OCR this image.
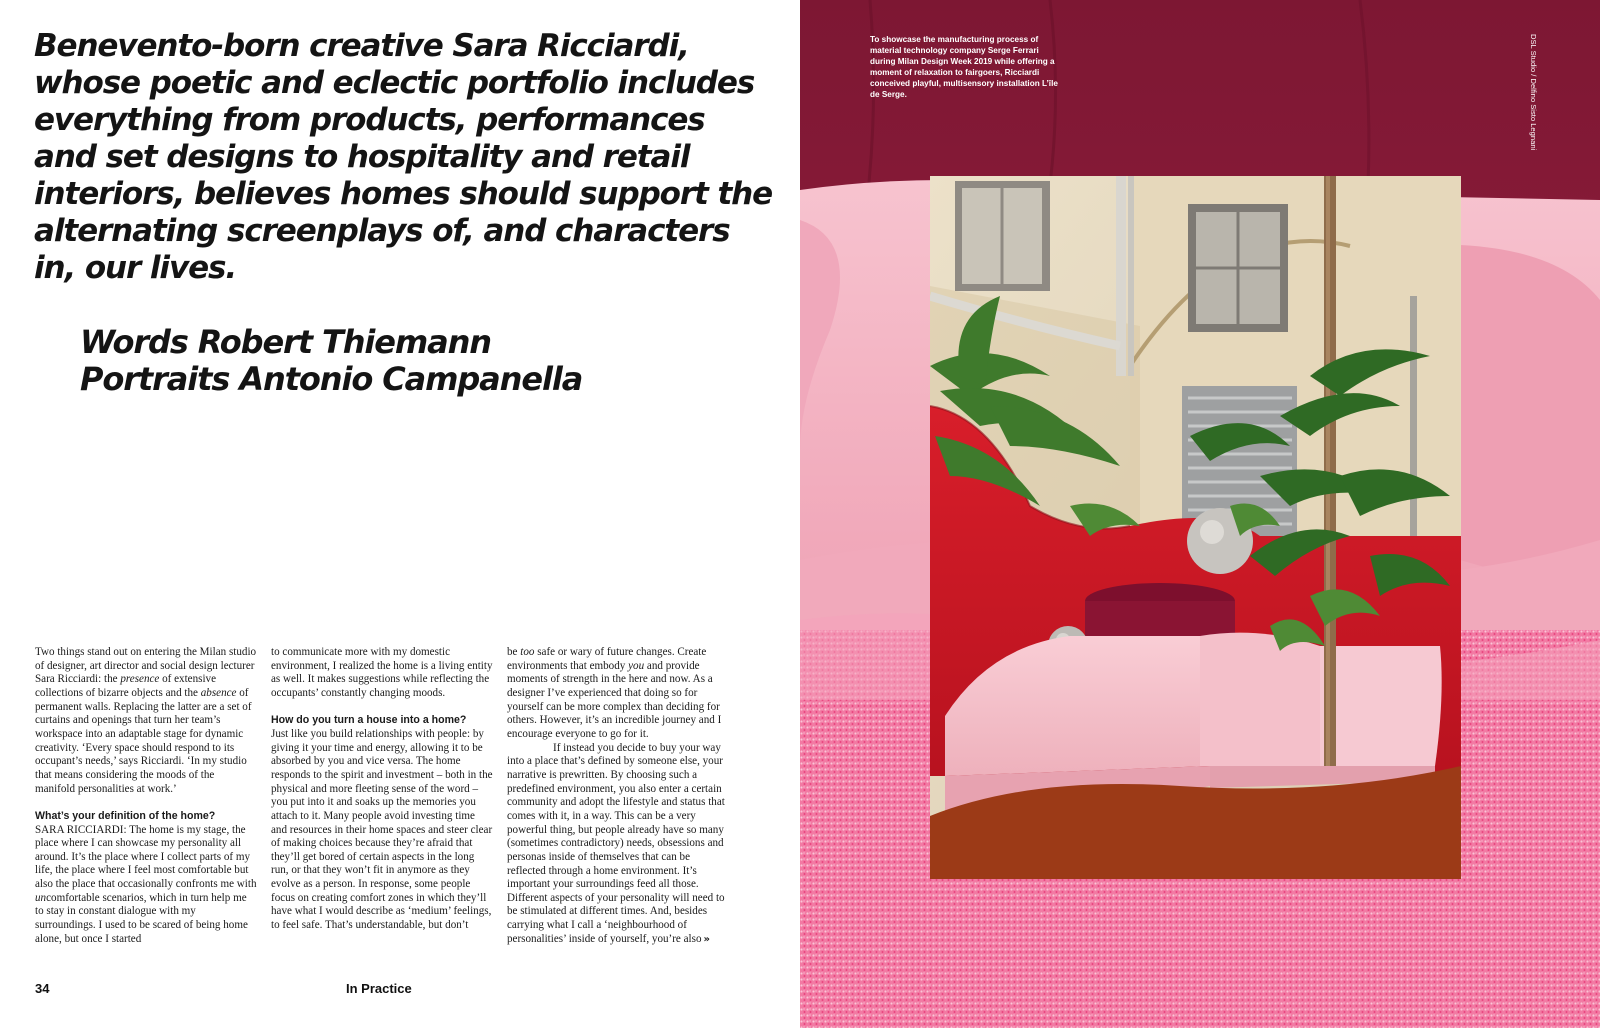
Benevento-born creative Sara Ricciardi, whose poetic and eclectic portfolio includes everything from products, performances and set designs to hospitality and retail interiors, believes homes should support the alternating screenplays of, and characters in, our lives.
Words Robert Thiemann
Portraits Antonio Campanella

Two things stand out on entering the Milan studio of designer, art director and social design lecturer Sara Ricciardi: the presence of extensive collections of bizarre objects and the absence of permanent walls. Replacing the latter are a set of curtains and openings that turn her team’s workspace into an adaptable stage for dynamic creativity. ‘Every space should respond to its occupant’s needs,’ says Ricciardi. ‘In my studio that means considering the moods of the manifold personalities at work.’

What’s your definition of the home?
SARA RICCIARDI: The home is my stage, the place where I can showcase my personality all around. It’s the place where I collect parts of my life, the place where I feel most comfortable but also the place that occasionally confronts me with uncomfortable scenarios, which in turn help me to stay in constant dialogue with my surroundings. I used to be scared of being home alone, but once I started

to communicate more with my domestic environment, I realized the home is a living entity as well. It makes suggestions while reflecting the occupants’ constantly changing moods.

How do you turn a house into a home?
Just like you build relationships with people: by giving it your time and energy, allowing it to be absorbed by you and vice versa. The home responds to the spirit and investment – both in the physical and more fleeting sense of the word – you put into it and soaks up the memories you attach to it. Many people avoid investing time and resources in their home spaces and steer clear of making choices because they’re afraid that they’ll get bored of certain aspects in the long run, or that they won’t fit in anymore as they evolve as a person. In response, some people focus on creating comfort zones in which they’ll have what I would describe as ‘medium’ feelings, to feel safe. That’s understandable, but don’t

be too safe or wary of future changes. Create environments that embody you and provide moments of strength in the here and now. As a designer I’ve experienced that doing so for yourself can be more complex than deciding for others. However, it’s an incredible journey and I encourage everyone to go for it.

If instead you decide to buy your way into a place that’s defined by someone else, your narrative is prewritten. By choosing such a predefined environment, you also enter a certain community and adopt the lifestyle and status that comes with it, in a way. This can be a very powerful thing, but people already have so many (sometimes contradictory) needs, obsessions and personas inside of themselves that can be reflected through a home environment. It’s important your surroundings feed all those. Different aspects of your personality will need to be stimulated at different times. And, besides carrying what I call a ‘neighbourhood of personalities’ inside of yourself, you’re also »

34	In Practice
To showcase the manufacturing process of material technology company Serge Ferrari during Milan Design Week 2019 while offering a moment of relaxation to fairgoers, Ricciardi conceived playful, multisensory installation L’île de Serge.	DSL Studio / Delfino Sisto Legnani
